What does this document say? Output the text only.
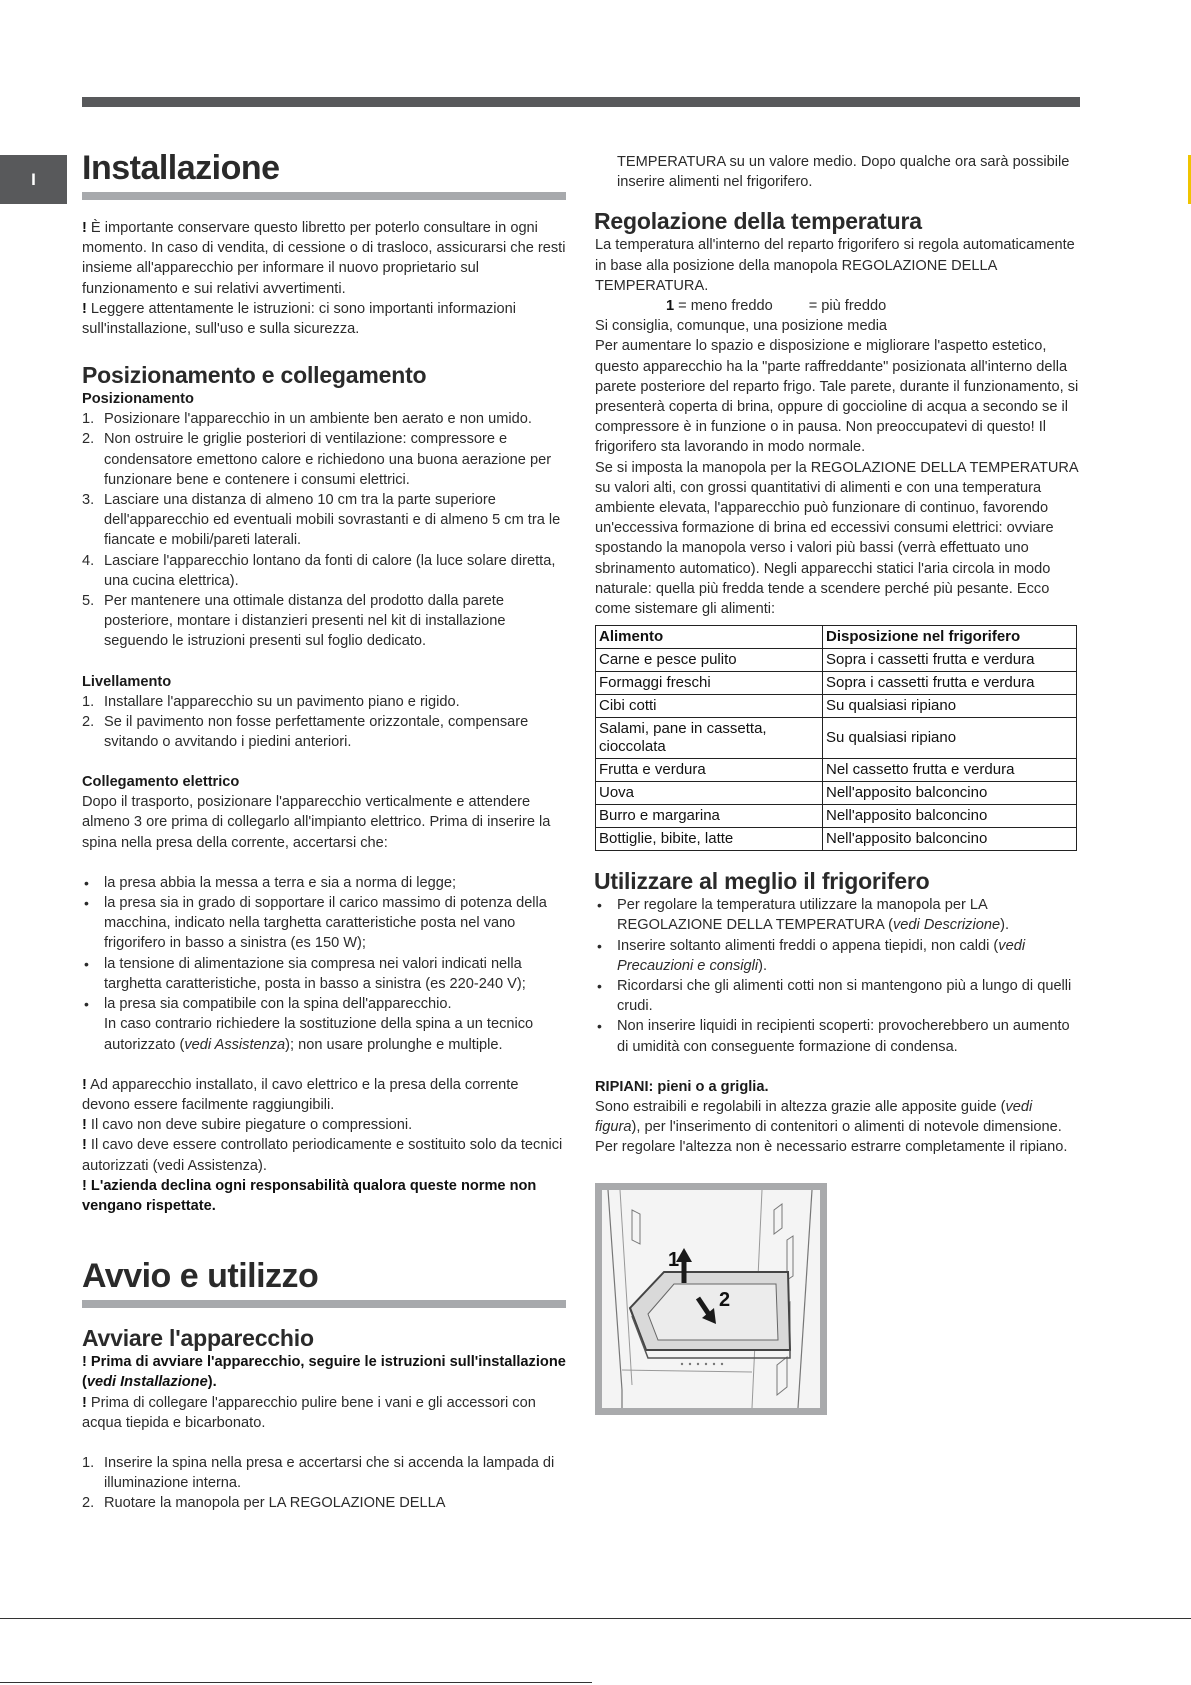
I Installazione

! È importante conservare questo libretto per poterlo consultare in ogni momento. In caso di vendita, di cessione o di trasloco, assicurarsi che resti insieme all'apparecchio per informare il nuovo proprietario sul funzionamento e sui relativi avvertimenti.

! Leggere attentamente le istruzioni: ci sono importanti informazioni sull'installazione, sull'uso e sulla sicurezza.

Posizionamento e collegamento
Posizionamento
1. Posizionare l'apparecchio in un ambiente ben aerato e non umido.
2. Non ostruire le griglie posteriori di ventilazione: compressore e condensatore emettono calore e richiedono una buona aerazione per funzionare bene e contenere i consumi elettrici.
3. Lasciare una distanza di almeno 10 cm tra la parte superiore dell'apparecchio ed eventuali mobili sovrastanti e di almeno 5 cm tra le fiancate e mobili/pareti laterali.
4. Lasciare l'apparecchio lontano da fonti di calore (la luce solare diretta, una cucina elettrica).
5. Per mantenere una ottimale distanza del prodotto dalla parete posteriore, montare i distanzieri presenti nel kit di installazione seguendo le istruzioni presenti sul foglio dedicato.
Livellamento
1. Installare l'apparecchio su un pavimento piano e rigido.
2. Se il pavimento non fosse perfettamente orizzontale, compensare svitando o avvitando i piedini anteriori.
Collegamento elettrico

Dopo il trasporto, posizionare l'apparecchio verticalmente e attendere almeno 3 ore prima di collegarlo all'impianto elettrico. Prima di inserire la spina nella presa della corrente, accertarsi che:

• la presa abbia la messa a terra e sia a norma di legge;
• la presa sia in grado di sopportare il carico massimo di potenza della macchina, indicato nella targhetta caratteristiche posta nel vano frigorifero in basso a sinistra (es 150 W);
• la tensione di alimentazione sia compresa nei valori indicati nella targhetta caratteristiche, posta in basso a sinistra (es 220-240 V);
• la presa sia compatibile con la spina dell'apparecchio.
In caso contrario richiedere la sostituzione della spina a un tecnico autorizzato (vedi Assistenza); non usare prolunghe e multiple.

! Ad apparecchio installato, il cavo elettrico e la presa della corrente devono essere facilmente raggiungibili.

! Il cavo non deve subire piegature o compressioni.

! Il cavo deve essere controllato periodicamente e sostituito solo da tecnici autorizzati (vedi Assistenza).

! L'azienda declina ogni responsabilità qualora queste norme non vengano rispettate.

Avvio e utilizzo
Avviare l'apparecchio

! Prima di avviare l'apparecchio, seguire le istruzioni sull'installazione (vedi Installazione).

! Prima di collegare l'apparecchio pulire bene i vani e gli accessori con acqua tiepida e bicarbonato.

1. Inserire la spina nella presa e accertarsi che si accenda la lampada di illuminazione interna.
2. Ruotare la manopola per LA REGOLAZIONE DELLA

TEMPERATURA su un valore medio. Dopo qualche ora sarà possibile inserire alimenti nel frigorifero.

Regolazione della temperatura

La temperatura all'interno del reparto frigorifero si regola automaticamente in base alla posizione della manopola REGOLAZIONE DELLA TEMPERATURA.

1 = meno freddo = più freddo

Si consiglia, comunque, una posizione media

Per aumentare lo spazio e disposizione e migliorare l'aspetto estetico, questo apparecchio ha la "parte raffreddante" posizionata all'interno della parete posteriore del reparto frigo. Tale parete, durante il funzionamento, si presenterà coperta di brina, oppure di goccioline di acqua a secondo se il compressore è in funzione o in pausa. Non preoccupatevi di questo! Il frigorifero sta lavorando in modo normale.

Se si imposta la manopola per la REGOLAZIONE DELLA TEMPERATURA su valori alti, con grossi quantitativi di alimenti e con una temperatura ambiente elevata, l'apparecchio può funzionare di continuo, favorendo un'eccessiva formazione di brina ed eccessivi consumi elettrici: ovviare spostando la manopola verso i valori più bassi (verrà effettuato uno sbrinamento automatico). Negli apparecchi statici l'aria circola in modo naturale: quella più fredda tende a scendere perché più pesante. Ecco come sistemare gli alimenti:

Alimento	Disposizione nel frigorifero
Carne e pesce pulito	Sopra i cassetti frutta e verdura
Formaggi freschi	Sopra i cassetti frutta e verdura
Cibi cotti	Su qualsiasi ripiano
Salami, pane in cassetta, cioccolata	Su qualsiasi ripiano
Frutta e verdura	Nel cassetto frutta e verdura
Uova	Nell'apposito balconcino
Burro e margarina	Nell'apposito balconcino
Bottiglie, bibite, latte	Nell'apposito balconcino
Utilizzare al meglio il frigorifero
• Per regolare la temperatura utilizzare la manopola per LA REGOLAZIONE DELLA TEMPERATURA (vedi Descrizione).
• Inserire soltanto alimenti freddi o appena tiepidi, non caldi (vedi Precauzioni e consigli).
• Ricordarsi che gli alimenti cotti non si mantengono più a lungo di quelli crudi.
• Non inserire liquidi in recipienti scoperti: provocherebbero un aumento di umidità con conseguente formazione di condensa.
RIPIANI: pieni o a griglia.

Sono estraibili e regolabili in altezza grazie alle apposite guide (vedi figura), per l'inserimento di contenitori o alimenti di notevole dimensione. Per regolare l'altezza non è necessario estrarre completamente il ripiano.

1
2
